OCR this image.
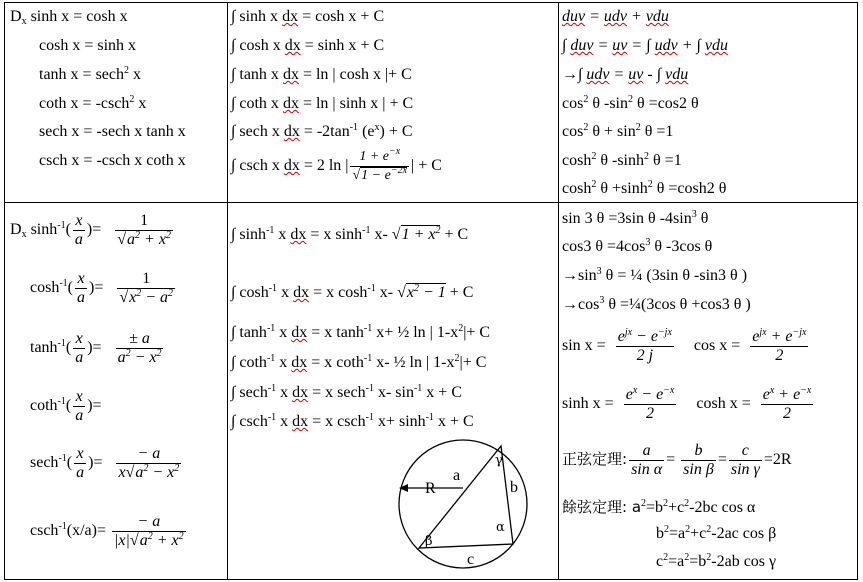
$D_x$ sinh x = cosh x
cosh x = sinh x
tanh x = sech$^2$ x
coth x = -csch$^2$ x
sech x = -sech x tanh x
csch x = -csch x coth x
∫ sinh x dx = cosh x + C
∫ cosh x dx = sinh x + C
∫ tanh x dx = ln | cosh x |+ C
∫ coth x dx = ln | sinh x | + C
∫ sech x dx = $-2\tan^{-1}$ $(e^x) + C$
∫ csch x dx = 2 ln | $\frac{1 + e^{-x}}{√1 - e^{-2x}}$ | + C
duv = udv + vdu
∫ duv = uv = ∫ udv + ∫ vdu
→∫ udv = uv - ∫ vdu
$\cos^2 \theta$ $-\sin^2$ θ =cos2 θ
$\cos^2 \theta + \sin^2 \theta =1$
$\cosh^2 \theta$ $-\sinh^2$ θ =1
$\cosh^2 \theta +\sinh^2$ θ =cosh2 θ
$D_x$ $\sinh^{-1}( \frac{x}{a}$ )= $\frac{1}{√a^2 + x^2}$
$\cosh^{-1}( \frac{x}{a}$ )= $\frac{1}{√x^2 - a^2}$
$\tanh^{-1}( \frac{x}{a}$ )= $\frac{\pm a}{a^2 - x^2}$
$\cot h^{-1}( \frac{x}{a}$ )=
$\sec h^{-1}( \frac{x}{a}$ )= $\frac{- a}{x√a^2 - x^2}$
$\csc h^{-1}(x/a)= \frac{- a}{|x|√a^2 + x^2}$
∫ $\sinh^{-1} x$ dx = x $\sinh^{-1} x-$ $√1 + x^2 + C$
∫ $\cosh^{-1} x$ dx = x $\cosh^{-1} x-$ $√x^2 - 1 + C$
∫ $\tanh^{-1} x$ dx = x $\tanh^{-1} x+$ ½ ln | $1-x^2|+ C$
∫ coth$^{-1}$ x dx = x coth$^{-1}$ x- ½ ln | $1-x^2|+ C$
∫ sech$^{-1}$ x dx = x sech$^{-1}$ x- $\sin^{-1} x + C$
∫ csch$^{-1}$ x dx = x csch$^{-1}$ $x+ \sinh^{-1} x + C$
R
a
b
c
α
β
γ
sin 3 θ =3sin θ $-4\sin^3$ θ
cos3 $\theta =4\cos^3$ θ -3cos θ
$\to\sin^3$ θ = ¼ (3sin θ -sin3 θ )
$\to\cos^3$ θ =¼(3cos θ +cos3 θ )
$\sin x = \frac{e^{jx} - e^{-jx}}{2 j}$ $\cos x = \frac{e^{jx} + e^{-jx}}{2}$
$\sinh x = \frac{e^x - e^{-x}}{2}$ $\cosh x = \frac{e^x + e^{-x}}{2}$
正弦定理: $\frac{a}{\text{sin α}} = \frac{b}{\text{sin β}} = \frac{c}{\text{sin γ}} =2R$
餘弦定理: $a^2=b^2+c^2-2bc$ cos α
$b^2=a^2+c^2-2ac$ cos β
$c^2=a^2=b^2-2ab$ cos γ
